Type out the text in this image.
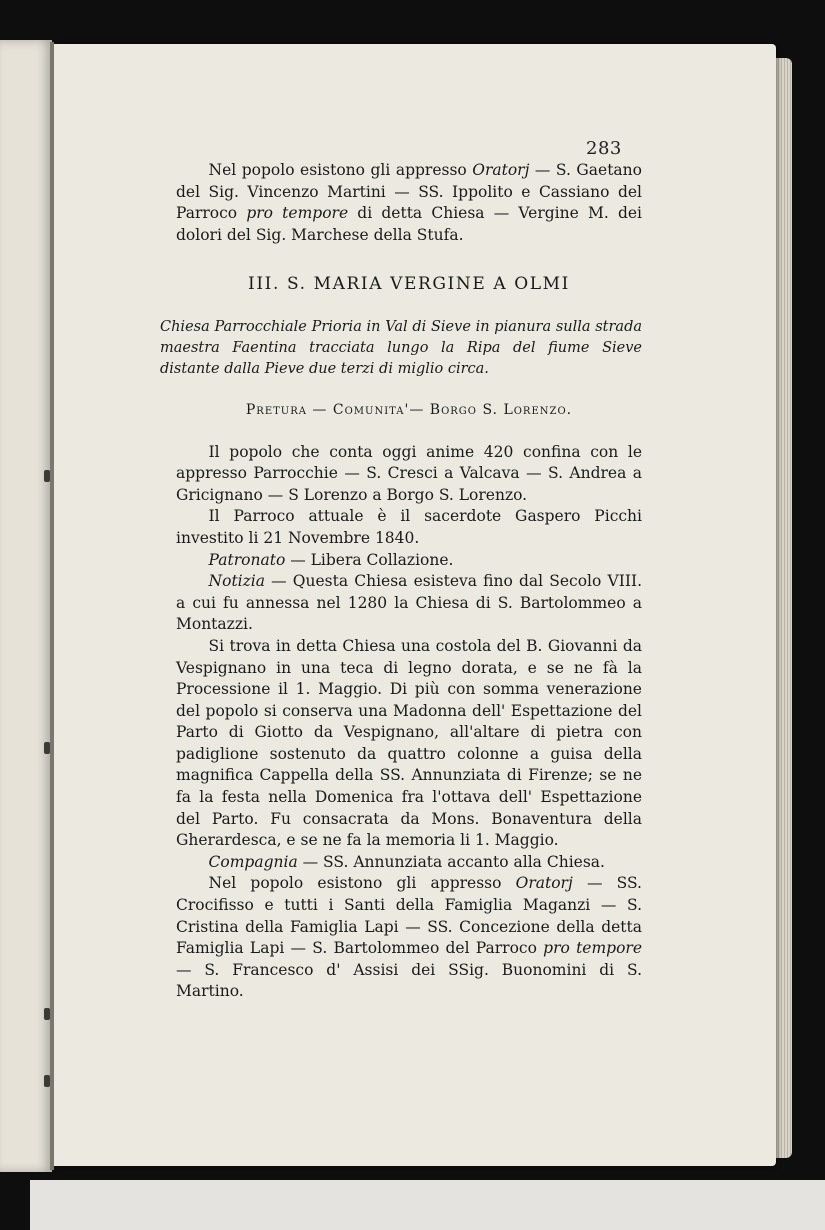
283

Nel popolo esistono gli appresso Oratorj — S. Gaetano del Sig. Vincenzo Martini — SS. Ippolito e Cassiano del Parroco pro tempore di detta Chiesa — Vergine M. dei dolori del Sig. Marchese della Stufa.

III. S. MARIA VERGINE A OLMI

Chiesa Parrocchiale Prioria in Val di Sieve in pianura sulla strada maestra Faentina tracciata lungo la Ripa del fiume Sieve distante dalla Pieve due terzi di miglio circa.

Pretura — Comunita'— Borgo S. Lorenzo.

Il popolo che conta oggi anime 420 confina con le appresso Parrocchie — S. Cresci a Valcava — S. Andrea a Gricignano — S Lorenzo a Borgo S. Lorenzo.

Il Parroco attuale è il sacerdote Gaspero Picchi investito li 21 Novembre 1840.

Patronato — Libera Collazione.

Notizia — Questa Chiesa esisteva fino dal Secolo VIII. a cui fu annessa nel 1280 la Chiesa di S. Bartolommeo a Montazzi.

Si trova in detta Chiesa una costola del B. Giovanni da Vespignano in una teca di legno dorata, e se ne fà la Processione il 1. Maggio. Di più con somma venerazione del popolo si conserva una Madonna dell' Espettazione del Parto di Giotto da Vespignano, all'altare di pietra con padiglione sostenuto da quattro colonne a guisa della magnifica Cappella della SS. Annunziata di Firenze; se ne fa la festa nella Domenica fra l'ottava dell' Espettazione del Parto. Fu consacrata da Mons. Bonaventura della Gherardesca, e se ne fa la memoria li 1. Maggio.

Compagnia — SS. Annunziata accanto alla Chiesa.

Nel popolo esistono gli appresso Oratorj — SS. Crocifisso e tutti i Santi della Famiglia Maganzi — S. Cristina della Famiglia Lapi — SS. Concezione della detta Famiglia Lapi — S. Bartolommeo del Parroco pro tempore — S. Francesco d' Assisi dei SSig. Buonomini di S. Martino.
